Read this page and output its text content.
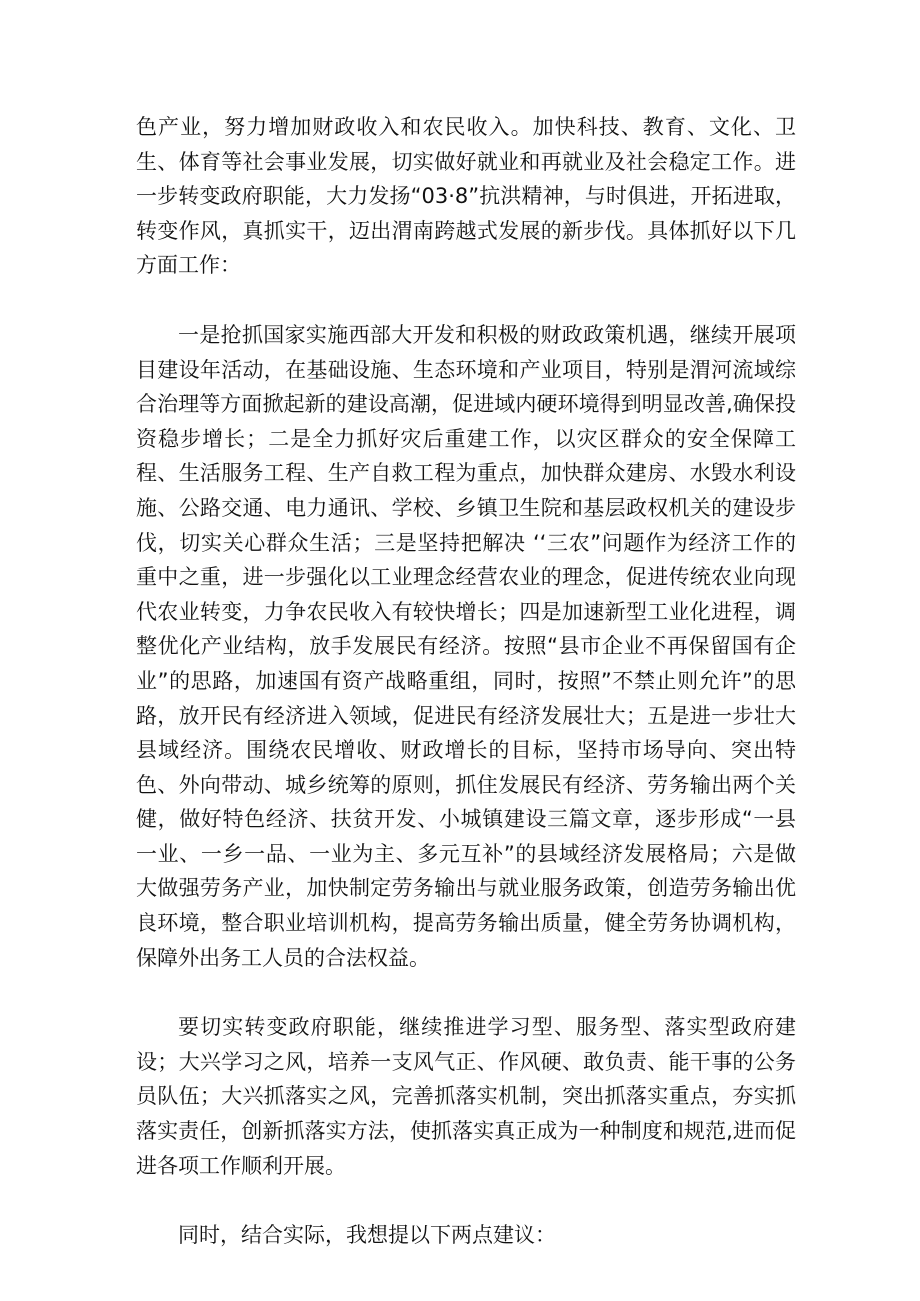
色产业，努力增加财政收入和农民收入。加快科技、教育、文化、卫生、体育等社会事业发展，切实做好就业和再就业及社会稳定工作。进一步转变政府职能，大力发扬“03·8”抗洪精神，与时俱进，开拓进取，转变作风，真抓实干，迈出渭南跨越式发展的新步伐。具体抓好以下几方面工作：

一是抢抓国家实施西部大开发和积极的财政政策机遇，继续开展项目建设年活动，在基础设施、生态环境和产业项目，特别是渭河流域综合治理等方面掀起新的建设高潮，促进域内硬环境得到明显改善,确保投资稳步增长；二是全力抓好灾后重建工作，以灾区群众的安全保障工程、生活服务工程、生产自救工程为重点，加快群众建房、水毁水利设施、公路交通、电力通讯、学校、乡镇卫生院和基层政权机关的建设步伐，切实关心群众生活；三是坚持把解决 ‘‘三农”问题作为经济工作的重中之重，进一步强化以工业理念经营农业的理念，促进传统农业向现代农业转变，力争农民收入有较快增长；四是加速新型工业化进程，调整优化产业结构，放手发展民有经济。按照“县市企业不再保留国有企业”的思路，加速国有资产战略重组，同时，按照”不禁止则允许”的思路，放开民有经济进入领域，促进民有经济发展壮大；五是进一步壮大县域经济。围绕农民增收、财政增长的目标，坚持市场导向、突出特色、外向带动、城乡统筹的原则，抓住发展民有经济、劳务输出两个关健，做好特色经济、扶贫开发、小城镇建设三篇文章，逐步形成“一县一业、一乡一品、一业为主、多元互补”的县域经济发展格局；六是做大做强劳务产业，加快制定劳务输出与就业服务政策，创造劳务输出优良环境，整合职业培训机构，提高劳务输出质量，健全劳务协调机构，保障外出务工人员的合法权益。

要切实转变政府职能，继续推进学习型、服务型、落实型政府建设；大兴学习之风，培养一支风气正、作风硬、敢负责、能干事的公务员队伍；大兴抓落实之风，完善抓落实机制，突出抓落实重点，夯实抓落实责任，创新抓落实方法，使抓落实真正成为一种制度和规范,进而促进各项工作顺利开展。

同时，结合实际，我想提以下两点建议：
